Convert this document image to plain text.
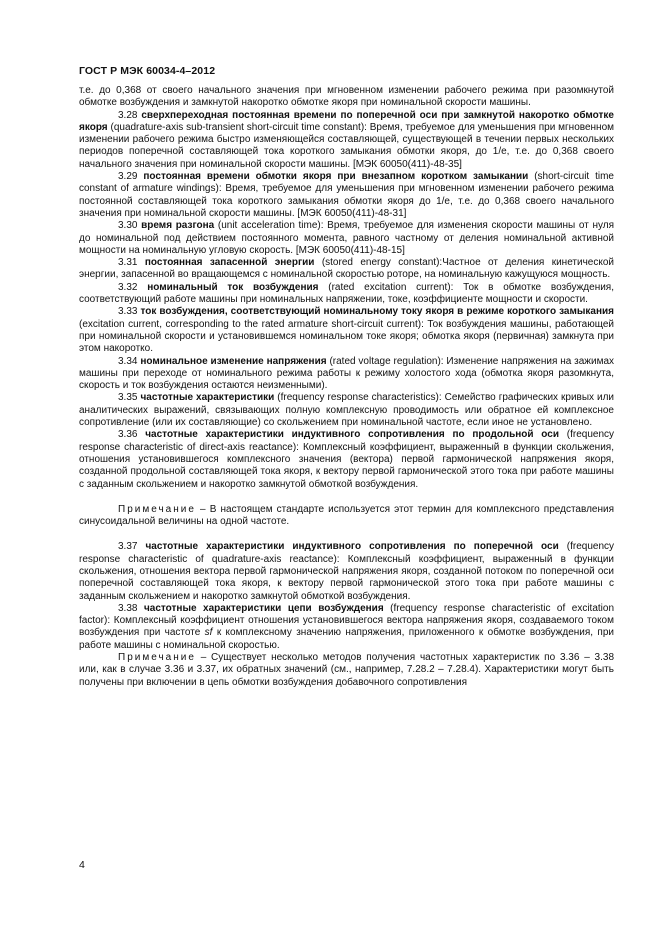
ГОСТ Р МЭК 60034-4–2012

т.е. до 0,368 от своего начального значения при мгновенном изменении рабочего режима при разомкнутой обмотке возбуждения и замкнутой накоротко обмотке якоря при номинальной скорости машины.

3.28 сверхпереходная постоянная времени по поперечной оси при замкнутой накоротко обмотке якоря (quadrature-axis sub-transient short-circuit time constant): Время, требуемое для уменьшения при мгновенном изменении рабочего режима быстро изменяющейся составляющей, существующей в течении первых нескольких периодов поперечной составляющей тока короткого замыкания обмотки якоря, до 1/е, т.е. до 0,368 своего начального значения при номинальной скорости машины. [МЭК 60050(411)-48-35]

3.29 постоянная времени обмотки якоря при внезапном коротком замыкании (short-circuit time constant of armature windings): Время, требуемое для уменьшения при мгновенном изменении рабочего режима постоянной составляющей тока короткого замыкания обмотки якоря до 1/е, т.е. до 0,368 своего начального значения при номинальной скорости машины. [МЭК 60050(411)-48-31]

3.30 время разгона (unit acceleration time): Время, требуемое для изменения скорости машины от нуля до номинальной под действием постоянного момента, равного частному от деления номинальной активной мощности на номинальную угловую скорость. [МЭК 60050(411)-48-15]

3.31 постоянная запасенной энергии (stored energy constant):Частное от деления кинетической энергии, запасенной во вращающемся с номинальной скоростью роторе, на номинальную кажущуюся мощность.

3.32 номинальный ток возбуждения (rated excitation current): Ток в обмотке возбуждения, соответствующий работе машины при номинальных напряжении, токе, коэффициенте мощности и скорости.

3.33 ток возбуждения, соответствующий номинальному току якоря в режиме короткого замыкания (excitation current, corresponding to the rated armature short-circuit current): Ток возбуждения машины, работающей при номинальной скорости и установившемся номинальном токе якоря; обмотка якоря (первичная) замкнута при этом накоротко.

3.34 номинальное изменение напряжения (rated voltage regulation): Изменение напряжения на зажимах машины при переходе от номинального режима работы к режиму холостого хода (обмотка якоря разомкнута, скорость и ток возбуждения остаются неизменными).

3.35 частотные характеристики (frequency response characteristics): Семейство графических кривых или аналитических выражений, связывающих полную комплексную проводимость или обратное ей комплексное сопротивление (или их составляющие) со скольжением при номинальной частоте, если иное не установлено.

3.36 частотные характеристики индуктивного сопротивления по продольной оси (frequency response characteristic of direct-axis reactance): Комплексный коэффициент, выраженный в функции скольжения, отношения установившегося комплексного значения (вектора) первой гармонической напряжения якоря, созданной продольной составляющей тока якоря, к вектору первой гармонической этого тока при работе машины с заданным скольжением и накоротко замкнутой обмоткой возбуждения.

Примечание – В настоящем стандарте используется этот термин для комплексного представления синусоидальной величины на одной частоте.

3.37 частотные характеристики индуктивного сопротивления по поперечной оси (frequency response characteristic of quadrature-axis reactance): Комплексный коэффициент, выраженный в функции скольжения, отношения вектора первой гармонической напряжения якоря, созданной потоком по поперечной оси поперечной составляющей тока якоря, к вектору первой гармонической этого тока при работе машины с заданным скольжением и накоротко замкнутой обмоткой возбуждения.

3.38 частотные характеристики цепи возбуждения (frequency response characteristic of excitation factor): Комплексный коэффициент отношения установившегося вектора напряжения якоря, создаваемого током возбуждения при частоте sf к комплексному значению напряжения, приложенного к обмотке возбуждения, при работе машины с номинальной скоростью.

Примечание – Существует несколько методов получения частотных характеристик по 3.36 – 3.38 или, как в случае 3.36 и 3.37, их обратных значений (см., например, 7.28.2 – 7.28.4). Характеристики могут быть получены при включении в цепь обмотки возбуждения добавочного сопротивления

4
